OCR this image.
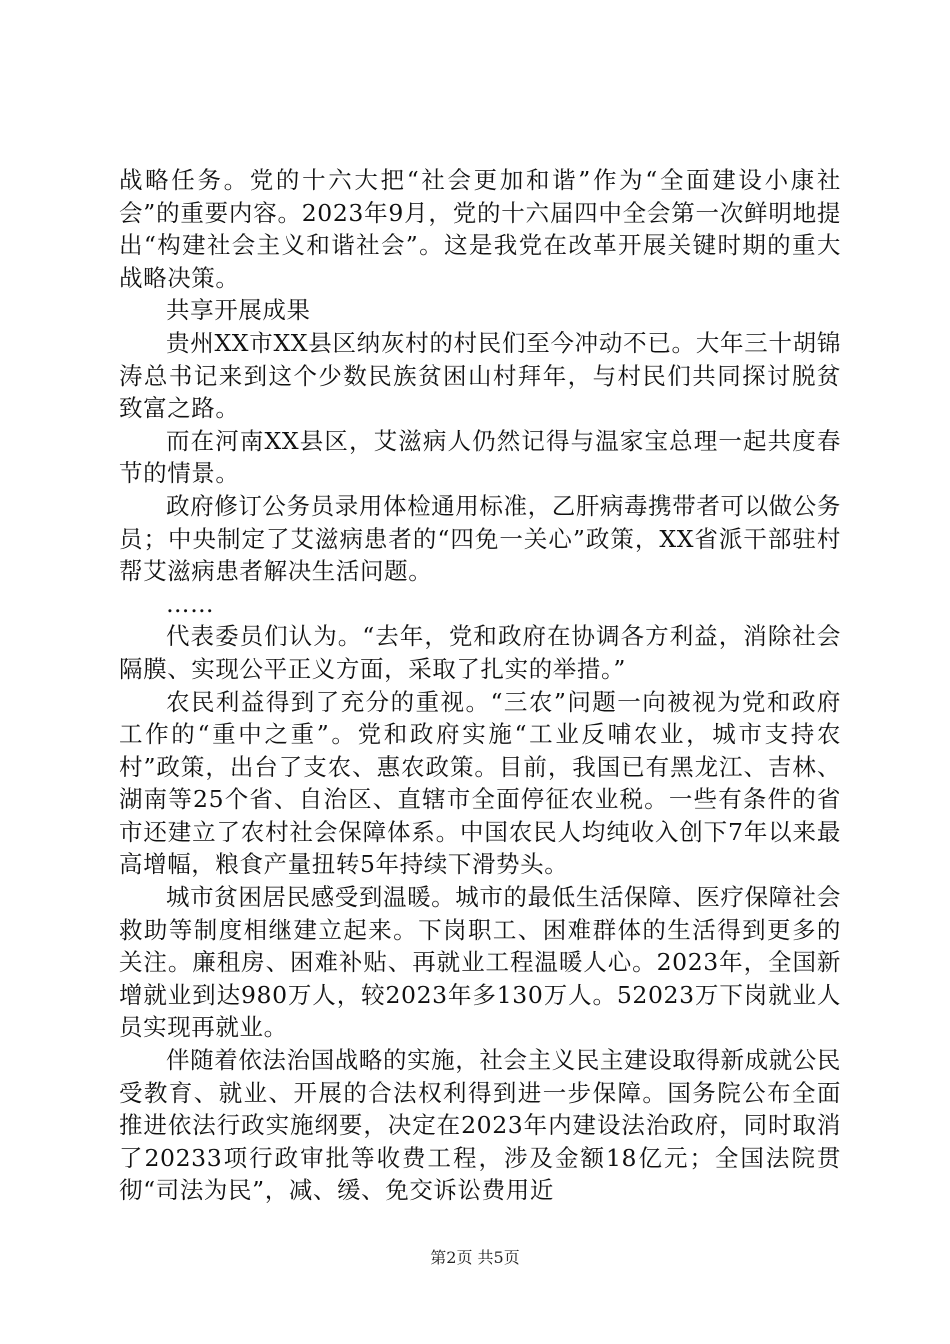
战略任务。党的十六大把“社会更加和谐”作为“全面建设小康社会”的重要内容。2023年9月，党的十六届四中全会第一次鲜明地提出“构建社会主义和谐社会”。这是我党在改革开展关键时期的重大战略决策。

共享开展成果

贵州XX市XX县区纳灰村的村民们至今冲动不已。大年三十胡锦涛总书记来到这个少数民族贫困山村拜年，与村民们共同探讨脱贫致富之路。

而在河南XX县区，艾滋病人仍然记得与温家宝总理一起共度春节的情景。

政府修订公务员录用体检通用标准，乙肝病毒携带者可以做公务员；中央制定了艾滋病患者的“四免一关心”政策，XX省派干部驻村帮艾滋病患者解决生活问题。

……

代表委员们认为。“去年，党和政府在协调各方利益，消除社会隔膜、实现公平正义方面，采取了扎实的举措。”

农民利益得到了充分的重视。“三农”问题一向被视为党和政府工作的“重中之重”。党和政府实施“工业反哺农业，城市支持农村”政策，出台了支农、惠农政策。目前，我国已有黑龙江、吉林、湖南等25个省、自治区、直辖市全面停征农业税。一些有条件的省市还建立了农村社会保障体系。中国农民人均纯收入创下7年以来最高增幅，粮食产量扭转5年持续下滑势头。

城市贫困居民感受到温暖。城市的最低生活保障、医疗保障社会救助等制度相继建立起来。下岗职工、困难群体的生活得到更多的关注。廉租房、困难补贴、再就业工程温暖人心。2023年，全国新增就业到达980万人，较2023年多130万人。52023万下岗就业人员实现再就业。

伴随着依法治国战略的实施，社会主义民主建设取得新成就公民受教育、就业、开展的合法权利得到进一步保障。国务院公布全面推进依法行政实施纲要，决定在2023年内建设法治政府，同时取消了20233项行政审批等收费工程，涉及金额18亿元；全国法院贯彻“司法为民”，减、缓、免交诉讼费用近

第2页 共5页
